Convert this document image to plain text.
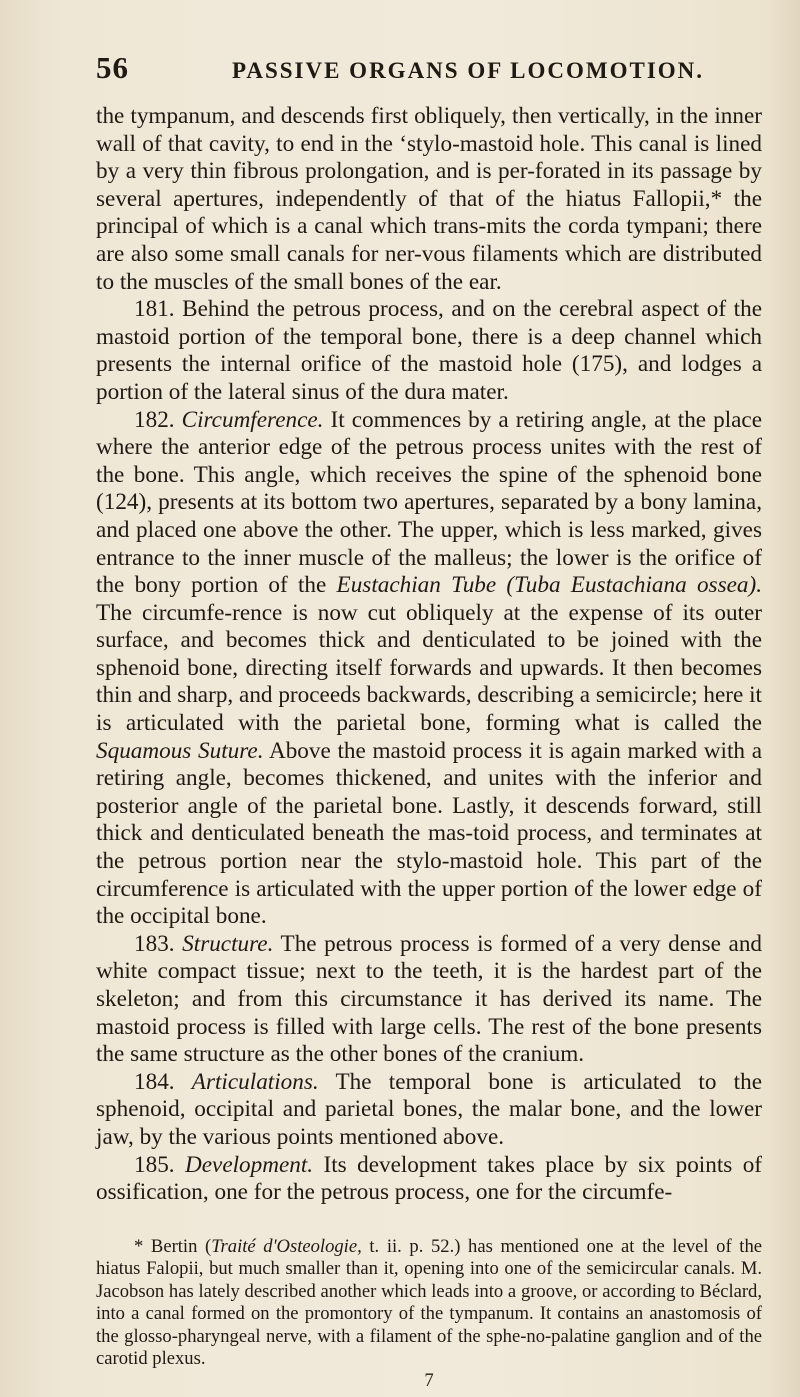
56	PASSIVE ORGANS OF LOCOMOTION.

the tympanum, and descends first obliquely, then vertically, in the inner wall of that cavity, to end in the ‘stylo-mastoid hole. This canal is lined by a very thin fibrous prolongation, and is per-forated in its passage by several apertures, independently of that of the hiatus Fallopii,* the principal of which is a canal which trans-mits the corda tympani; there are also some small canals for ner-vous filaments which are distributed to the muscles of the small bones of the ear.

181. Behind the petrous process, and on the cerebral aspect of the mastoid portion of the temporal bone, there is a deep channel which presents the internal orifice of the mastoid hole (175), and lodges a portion of the lateral sinus of the dura mater.

182. Circumference. It commences by a retiring angle, at the place where the anterior edge of the petrous process unites with the rest of the bone. This angle, which receives the spine of the sphenoid bone (124), presents at its bottom two apertures, separated by a bony lamina, and placed one above the other. The upper, which is less marked, gives entrance to the inner muscle of the malleus; the lower is the orifice of the bony portion of the Eustachian Tube (Tuba Eustachiana ossea). The circumfe-rence is now cut obliquely at the expense of its outer surface, and becomes thick and denticulated to be joined with the sphenoid bone, directing itself forwards and upwards. It then becomes thin and sharp, and proceeds backwards, describing a semicircle; here it is articulated with the parietal bone, forming what is called the Squamous Suture. Above the mastoid process it is again marked with a retiring angle, becomes thickened, and unites with the inferior and posterior angle of the parietal bone. Lastly, it descends forward, still thick and denticulated beneath the mas-toid process, and terminates at the petrous portion near the stylo-mastoid hole. This part of the circumference is articulated with the upper portion of the lower edge of the occipital bone.

183. Structure. The petrous process is formed of a very dense and white compact tissue; next to the teeth, it is the hardest part of the skeleton; and from this circumstance it has derived its name. The mastoid process is filled with large cells. The rest of the bone presents the same structure as the other bones of the cranium.

184. Articulations. The temporal bone is articulated to the sphenoid, occipital and parietal bones, the malar bone, and the lower jaw, by the various points mentioned above.

185. Development. Its development takes place by six points of ossification, one for the petrous process, one for the circumfe-

* Bertin (Traité d'Osteologie, t. ii. p. 52.) has mentioned one at the level of the hiatus Falopii, but much smaller than it, opening into one of the semicircular canals. M. Jacobson has lately described another which leads into a groove, or according to Béclard, into a canal formed on the promontory of the tympanum. It contains an anastomosis of the glosso-pharyngeal nerve, with a filament of the sphe-no-palatine ganglion and of the carotid plexus.

7
